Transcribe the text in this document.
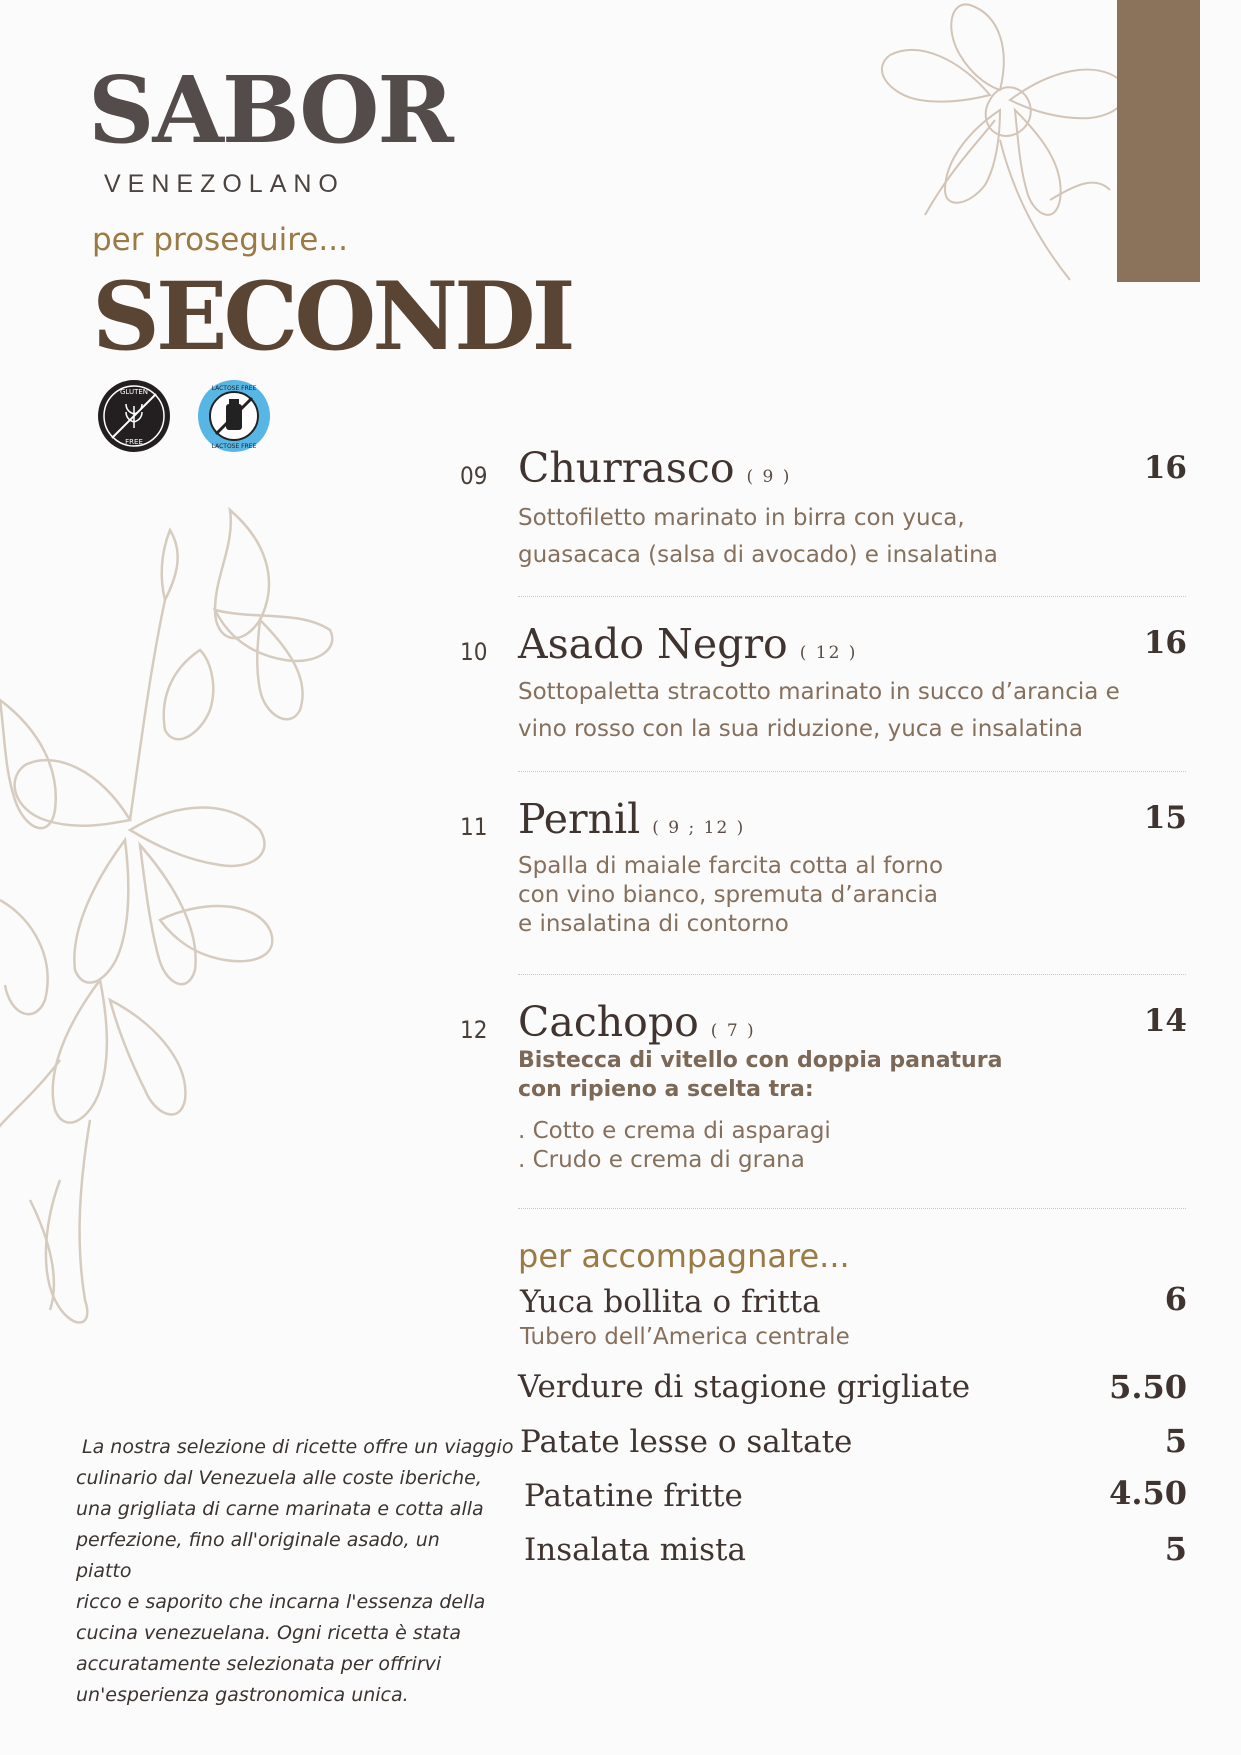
SABOR
VENEZOLANO
per proseguire...
SECONDI
GLUTEN
FREE
LACTOSE FREE
LACTOSE FREE
09 Churrasco ( 9 )	16
Sottofiletto marinato in birra con yuca,
guasacaca (salsa di avocado) e insalatina
10 Asado Negro ( 12 )	16
Sottopaletta stracotto marinato in succo d’arancia e
vino rosso con la sua riduzione, yuca e insalatina
11 Pernil ( 9 ; 12 )	15
Spalla di maiale farcita cotta al forno
con vino bianco, spremuta d’arancia
e insalatina di contorno
12 Cachopo ( 7 )	14
Bistecca di vitello con doppia panatura
con ripieno a scelta tra:
. Cotto e crema di asparagi
. Crudo e crema di grana
per accompagnare...
Yuca bollita o fritta
Tubero dell’America centrale
6
Verdure di stagione grigliate	5.50
Patate lesse o saltate	5
Patatine fritte	4.50
Insalata mista	5
La nostra selezione di ricette offre un viaggio
culinario dal Venezuela alle coste iberiche,
una grigliata di carne marinata e cotta alla
perfezione, fino all'originale asado, un piatto
ricco e saporito che incarna l'essenza della
cucina venezuelana. Ogni ricetta è stata
accuratamente selezionata per offrirvi
un'esperienza gastronomica unica.
